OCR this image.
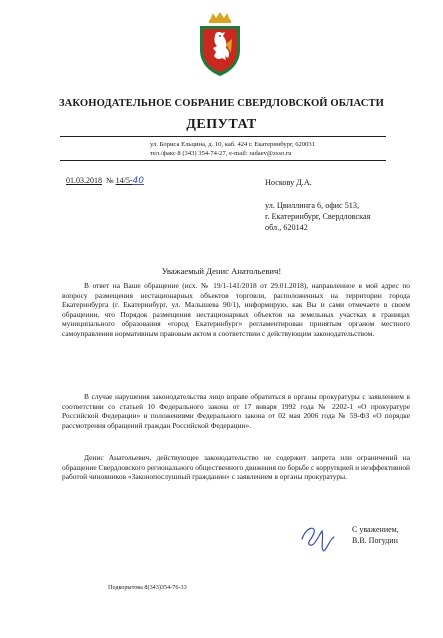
ЗАКОНОДАТЕЛЬНОЕ СОБРАНИЕ СВЕРДЛОВСКОЙ ОБЛАСТИ
ДЕПУТАТ
ул. Бориса Ельцина, д. 10, каб. 424 г. Екатеринбург, 620031
тел./факс 8 (343) 354-74-27, e-mail: radaev@zsso.ru
01.03.2018 № 14/5-40	Носкову Д.А.
ул. Цвиллинга 6, офис 513,
г. Екатеринбург, Свердловская
обл., 620142
Уважаемый Денис Анатольевич!

В ответ на Ваше обращение (исх. № 19/1-141/2018 от 29.01.2018), направленное в мой адрес по вопросу размещения нестационарных объектов торговли, расположенных на территории города Екатеринбурга (г. Екатеринбург, ул. Малышева 90/1), информирую, как Вы и сами отмечаете в своем обращении, что Порядок размещения нестационарных объектов на земельных участках в границах муниципального образования «город Екатеринбург» регламентирован принятым органом местного самоуправления нормативным правовым актом в соответствии с действующим законодательством.

В случае нарушения законодательства лицо вправе обратиться в органы прокуратуры с заявлением в соответствии со статьей 10 Федерального закона от 17 января 1992 года № 2202-1 «О прокуратуре Российской Федерации» и положениями Федерального закона от 02 мая 2006 года № 59-ФЗ «О порядке рассмотрения обращений граждан Российской Федерации».

Денис Анатольевич, действующее законодательство не содержит запрета или ограничений на обращение Свердловского регионального общественного движения по борьбе с коррупцией и неэффективной работой чиновников «Законопослушный гражданин» с заявлением в органы прокуратуры.

С уважением,
В.В. Погудин
Подкорытова 8(343)354-76-33
